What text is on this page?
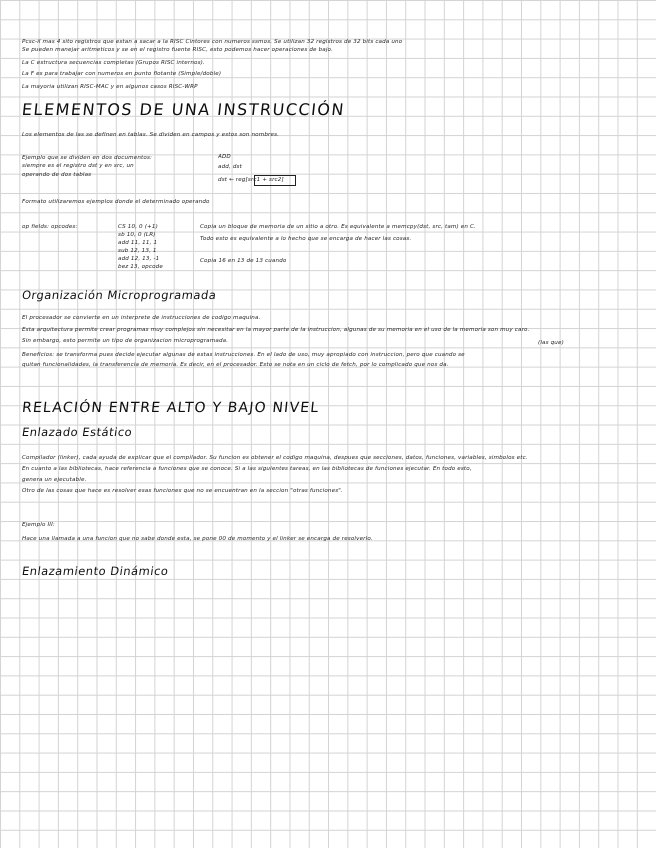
Pcsc-il mas 4 sito registros que estan a sacar a la RISC Cintores con numeros ssmos. Se utilizan 32 registros de 32 bits cada uno
Se pueden manejar aritmeticos y se en el registro fuente RISC, esto podemos hacer operaciones de bajo.
La C estructura secuencias completas (Grupos RISC internos).
La F es para trabajar con numeros en punto flotante (Simple/doble)
La mayoria utilizan RISC-MAC y en algunos casos RISC-WRP
ELEMENTOS DE UNA INSTRUCCIÓN
Los elementos de las se definen en tablas. Se dividen en campos y estos son nombres.
Ejemplo que se dividen en dos documentos:
siempre es el registro dst y en src, un
operando de dos tablas
ADD
add, dst
dst ← reg[src1 + src2]
Formato utilizaremos ejemplos donde el determinado operando
op fields: opcodes:	CS 10, 0 (+1)
sb 10, 0 (LR)
add 11, 11, 1
sub 12, 13, 1
add 12, 13, -1
bez 13, opcode
Copia un bloque de memoria de un sitio a otro. Es equivalente a memcpy(dst, src, tam) en C.
Todo esto es equivalente a lo hecho que se encarga de hacer las cosas.
Copia 16 en 13 de 13 cuando
Organización Microprogramada
El procesador se convierte en un interprete de instrucciones de codigo maquina.
Esta arquitectura permite crear programas muy complejos sin necesitar en la mayor parte de la instruccion, algunas de su memoria en el uso de la memoria son muy caro.
Sin embargo, esto permite un tipo de organizacion microprogramada.	(las que)
Beneficios: se transforma pues decide ejecutar algunas de estas instrucciones. En el lado de uso, muy apropiado con instruccion, pero que cuando se
quitan funcionalidades, la transferencia de memoria. Es decir, en el procesador. Esto se nota en un ciclo de fetch, por lo complicado que nos da.
RELACIÓN ENTRE ALTO Y BAJO NIVEL
Enlazado Estático
Compilador (linker), cada ayuda de explicar que el compilador. Su funcion es obtener el codigo maquina, despues que secciones, datos, funciones, variables, simbolos etc.
En cuanto a las bibliotecas, hace referencia a funciones que se conoce. Si a las siguientes tareas, en las bibliotecas de funciones ejecutar. En todo esto,
genera un ejecutable.
Otro de las cosas que hace es resolver esas funciones que no se encuentran en la seccion "otras funciones".
Ejemplo III:
Hace una llamada a una funcion que no sabe donde esta, se pone 00 de momento y el linker se encarga de resolverlo.
Enlazamiento Dinámico
